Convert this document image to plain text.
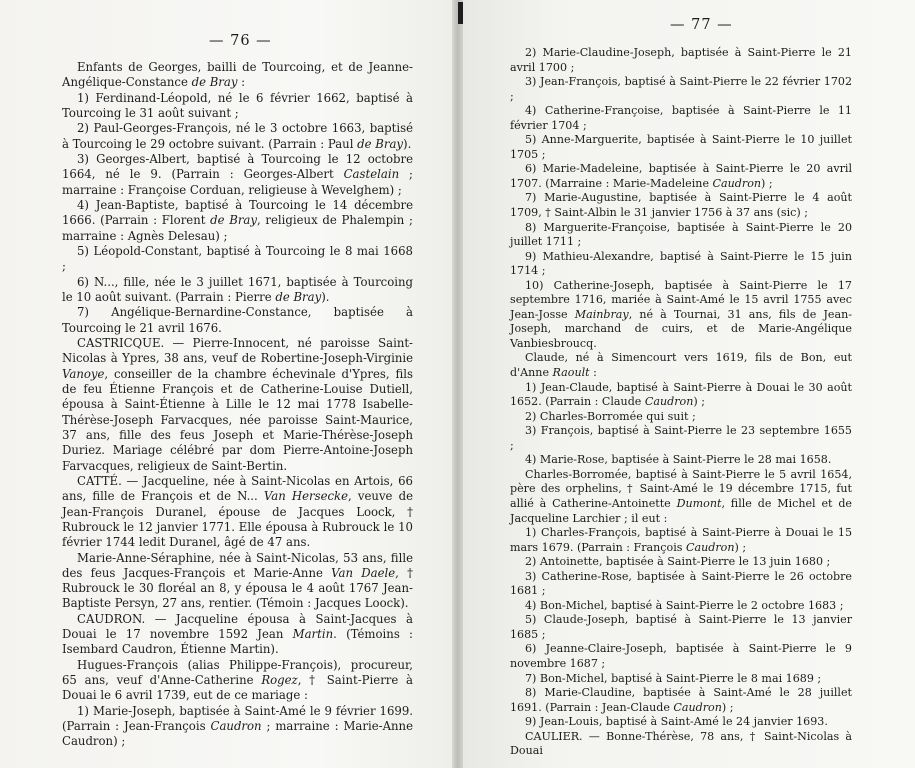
— 76 —

Enfants de Georges, bailli de Tourcoing, et de Jeanne-Angélique-Constance de Bray :

1) Ferdinand-Léopold, né le 6 février 1662, baptisé à Tourcoing le 31 août suivant ;

2) Paul-Georges-François, né le 3 octobre 1663, baptisé à Tourcoing le 29 octobre suivant. (Parrain : Paul de Bray).

3) Georges-Albert, baptisé à Tourcoing le 12 octobre 1664, né le 9. (Parrain : Georges-Albert Castelain ; marraine : Françoise Corduan, religieuse à Wevelghem) ;

4) Jean-Baptiste, baptisé à Tourcoing le 14 décembre 1666. (Parrain : Florent de Bray, religieux de Phalempin ; marraine : Agnès Delesau) ;

5) Léopold-Constant, baptisé à Tourcoing le 8 mai 1668 ;

6) N..., fille, née le 3 juillet 1671, baptisée à Tourcoing le 10 août suivant. (Parrain : Pierre de Bray).

7) Angélique-Bernardine-Constance, baptisée à Tourcoing le 21 avril 1676.

CASTRICQUE. — Pierre-Innocent, né paroisse Saint-Nicolas à Ypres, 38 ans, veuf de Robertine-Joseph-Virginie Vanoye, conseiller de la chambre échevinale d'Ypres, fils de feu Étienne François et de Catherine-Louise Dutiell, épousa à Saint-Étienne à Lille le 12 mai 1778 Isabelle-Thérèse-Joseph Farvacques, née paroisse Saint-Maurice, 37 ans, fille des feus Joseph et Marie-Thérèse-Joseph Duriez. Mariage célébré par dom Pierre-Antoine-Joseph Farvacques, religieux de Saint-Bertin.

CATTÉ. — Jacqueline, née à Saint-Nicolas en Artois, 66 ans, fille de François et de N... Van Hersecke, veuve de Jean-François Duranel, épouse de Jacques Loock, † Rubrouck le 12 janvier 1771. Elle épousa à Rubrouck le 10 février 1744 ledit Duranel, âgé de 47 ans.

Marie-Anne-Séraphine, née à Saint-Nicolas, 53 ans, fille des feus Jacques-François et Marie-Anne Van Daele, † Rubrouck le 30 floréal an 8, y épousa le 4 août 1767 Jean-Baptiste Persyn, 27 ans, rentier. (Témoin : Jacques Loock).

CAUDRON. — Jacqueline épousa à Saint-Jacques à Douai le 17 novembre 1592 Jean Martin. (Témoins : Isembard Caudron, Étienne Martin).

Hugues-François (alias Philippe-François), procureur, 65 ans, veuf d'Anne-Catherine Rogez, † Saint-Pierre à Douai le 6 avril 1739, eut de ce mariage :

1) Marie-Joseph, baptisée à Saint-Amé le 9 février 1699. (Parrain : Jean-François Caudron ; marraine : Marie-Anne Caudron) ;

— 77 —

2) Marie-Claudine-Joseph, baptisée à Saint-Pierre le 21 avril 1700 ;

3) Jean-François, baptisé à Saint-Pierre le 22 février 1702 ;

4) Catherine-Françoise, baptisée à Saint-Pierre le 11 février 1704 ;

5) Anne-Marguerite, baptisée à Saint-Pierre le 10 juillet 1705 ;

6) Marie-Madeleine, baptisée à Saint-Pierre le 20 avril 1707. (Marraine : Marie-Madeleine Caudron) ;

7) Marie-Augustine, baptisée à Saint-Pierre le 4 août 1709, † Saint-Albin le 31 janvier 1756 à 37 ans (sic) ;

8) Marguerite-Françoise, baptisée à Saint-Pierre le 20 juillet 1711 ;

9) Mathieu-Alexandre, baptisé à Saint-Pierre le 15 juin 1714 ;

10) Catherine-Joseph, baptisée à Saint-Pierre le 17 septembre 1716, mariée à Saint-Amé le 15 avril 1755 avec Jean-Josse Mainbray, né à Tournai, 31 ans, fils de Jean-Joseph, marchand de cuirs, et de Marie-Angélique Vanbiesbroucq.

Claude, né à Simencourt vers 1619, fils de Bon, eut d'Anne Raoult :

1) Jean-Claude, baptisé à Saint-Pierre à Douai le 30 août 1652. (Parrain : Claude Caudron) ;

2) Charles-Borromée qui suit ;

3) François, baptisé à Saint-Pierre le 23 septembre 1655 ;

4) Marie-Rose, baptisée à Saint-Pierre le 28 mai 1658.

Charles-Borromée, baptisé à Saint-Pierre le 5 avril 1654, père des orphelins, † Saint-Amé le 19 décembre 1715, fut allié à Catherine-Antoinette Dumont, fille de Michel et de Jacqueline Larchier ; il eut :

1) Charles-François, baptisé à Saint-Pierre à Douai le 15 mars 1679. (Parrain : François Caudron) ;

2) Antoinette, baptisée à Saint-Pierre le 13 juin 1680 ;

3) Catherine-Rose, baptisée à Saint-Pierre le 26 octobre 1681 ;

4) Bon-Michel, baptisé à Saint-Pierre le 2 octobre 1683 ;

5) Claude-Joseph, baptisé à Saint-Pierre le 13 janvier 1685 ;

6) Jeanne-Claire-Joseph, baptisée à Saint-Pierre le 9 novembre 1687 ;

7) Bon-Michel, baptisé à Saint-Pierre le 8 mai 1689 ;

8) Marie-Claudine, baptisée à Saint-Amé le 28 juillet 1691. (Parrain : Jean-Claude Caudron) ;

9) Jean-Louis, baptisé à Saint-Amé le 24 janvier 1693.

CAULIER. — Bonne-Thérèse, 78 ans, † Saint-Nicolas à Douai
